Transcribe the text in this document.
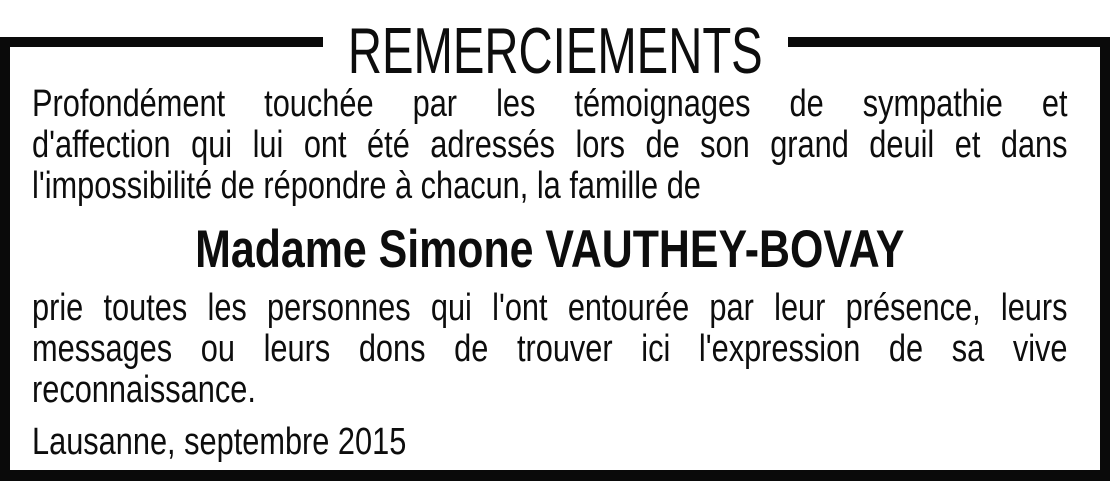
REMERCIEMENTS
Profondément touchée par les témoignages de sympathie et
d'affection qui lui ont été adressés lors de son grand deuil et dans
l'impossibilité de répondre à chacun, la famille de
Madame Simone VAUTHEY-BOVAY
prie toutes les personnes qui l'ont entourée par leur présence, leurs
messages ou leurs dons de trouver ici l'expression de sa vive
reconnaissance.
Lausanne, septembre 2015
